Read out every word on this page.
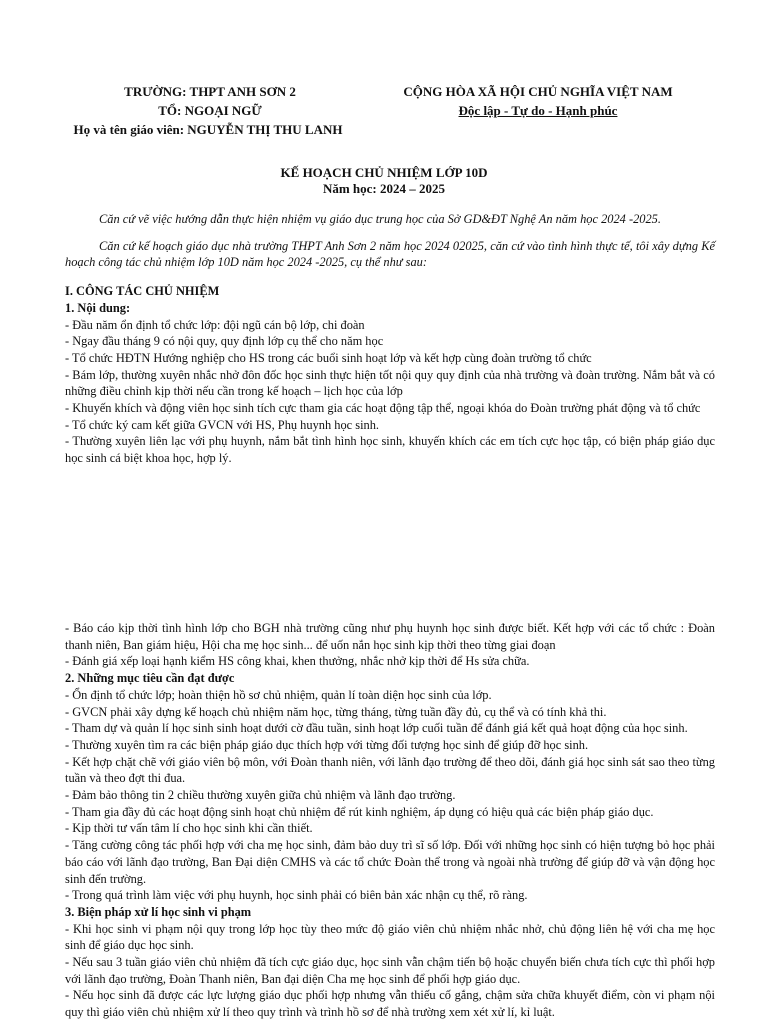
TRƯỜNG: THPT ANH SƠN 2
TỔ: NGOẠI NGỮ
Họ và tên giáo viên: NGUYỄN THỊ THU LANH
CỘNG HÒA XÃ HỘI CHỦ NGHĨA VIỆT NAM
Độc lập - Tự do - Hạnh phúc
KẾ HOẠCH CHỦ NHIỆM LỚP 10D
Năm học: 2024 – 2025

Căn cứ vẽ việc hướng dẫn thực hiện nhiệm vụ giáo dục trung học của Sở GD&ĐT Nghệ An năm học 2024 -2025.

Căn cứ kế hoạch giáo dục nhà trường THPT Anh Sơn 2 năm học 2024 02025, căn cứ vào tình hình thực tế, tôi xây dựng Kế hoạch công tác chủ nhiệm lớp 10D năm học 2024 -2025, cụ thể như sau:

I. CÔNG TÁC CHỦ NHIỆM

1. Nội dung:

- Đầu năm ổn định tổ chức lớp: đội ngũ cán bộ lớp, chi đoàn

- Ngay đầu tháng 9 có nội quy, quy định lớp cụ thể cho năm học

- Tổ chức HĐTN Hướng nghiệp cho HS trong các buổi sinh hoạt lớp và kết hợp cùng đoàn trường tổ chức

- Bám lớp, thường xuyên nhắc nhở đôn đốc học sinh thực hiện tốt nội quy quy định của nhà trường và đoàn trường. Nắm bắt và có những điều chỉnh kịp thời nếu cần trong kế hoạch – lịch học của lớp

- Khuyến khích và động viên học sinh tích cực tham gia các hoạt động tập thể, ngoại khóa do Đoàn trường phát động và tổ chức

- Tổ chức ký cam kết giữa GVCN với HS, Phụ huynh học sinh.

- Thường xuyên liên lạc với phụ huynh, nắm bắt tình hình học sinh, khuyến khích các em tích cực học tập, có biện pháp giáo dục học sinh cá biệt khoa học, hợp lý.

- Báo cáo kịp thời tình hình lớp cho BGH nhà trường cũng như phụ huynh học sinh được biết. Kết hợp với các tổ chức : Đoàn thanh niên, Ban giám hiệu, Hội cha mẹ học sinh... để uốn nắn học sinh kịp thời theo từng giai đoạn

- Đánh giá xếp loại hạnh kiểm HS công khai, khen thưởng, nhắc nhở kịp thời để Hs sửa chữa.

2. Những mục tiêu cần đạt được

- Ổn định tổ chức lớp; hoàn thiện hồ sơ chủ nhiệm, quản lí toàn diện học sinh của lớp.

- GVCN phải xây dựng kế hoạch chủ nhiệm năm học, từng tháng, từng tuần đầy đủ, cụ thể và có tính khả thi.

- Tham dự và quản lí học sinh sinh hoạt dưới cờ đầu tuần, sinh hoạt lớp cuối tuần để đánh giá kết quả hoạt động của học sinh.

- Thường xuyên tìm ra các biện pháp giáo dục thích hợp với từng đối tượng học sinh để giúp đỡ học sinh.

- Kết hợp chặt chẽ với giáo viên bộ môn, với Đoàn thanh niên, với lãnh đạo trường để theo dõi, đánh giá học sinh sát sao theo từng tuần và theo đợt thi đua.

- Đảm bảo thông tin 2 chiều thường xuyên giữa chủ nhiệm và lãnh đạo trường.

- Tham gia đầy đủ các hoạt động sinh hoạt chủ nhiệm để rút kinh nghiệm, áp dụng có hiệu quả các biện pháp giáo dục.

- Kịp thời tư vấn tâm lí cho học sinh khi cần thiết.

- Tăng cường công tác phối hợp với cha mẹ học sinh, đảm bảo duy trì sĩ số lớp. Đối với những học sinh có hiện tượng bỏ học phải báo cáo với lãnh đạo trường, Ban Đại diện CMHS và các tổ chức Đoàn thể trong và ngoài nhà trường để giúp đỡ và vận động học sinh đến trường.

- Trong quá trình làm việc với phụ huynh, học sinh phải có biên bản xác nhận cụ thể, rõ ràng.

3. Biện pháp xử lí học sinh vi phạm

- Khi học sinh vi phạm nội quy trong lớp học tùy theo mức độ giáo viên chủ nhiệm nhắc nhở, chủ động liên hệ với cha mẹ học sinh để giáo dục học sinh.

- Nếu sau 3 tuần giáo viên chủ nhiệm đã tích cực giáo dục, học sinh vẫn chậm tiến bộ hoặc chuyển biến chưa tích cực thì phối hợp với lãnh đạo trường, Đoàn Thanh niên, Ban đại diện Cha mẹ học sinh để phối hợp giáo dục.

- Nếu học sinh đã được các lực lượng giáo dục phối hợp nhưng vẫn thiếu cố gắng, chậm sửa chữa khuyết điểm, còn vi phạm nội quy thì giáo viên chủ nhiệm xử lí theo quy trình và trình hồ sơ để nhà trường xem xét xử lí, kỉ luật.
